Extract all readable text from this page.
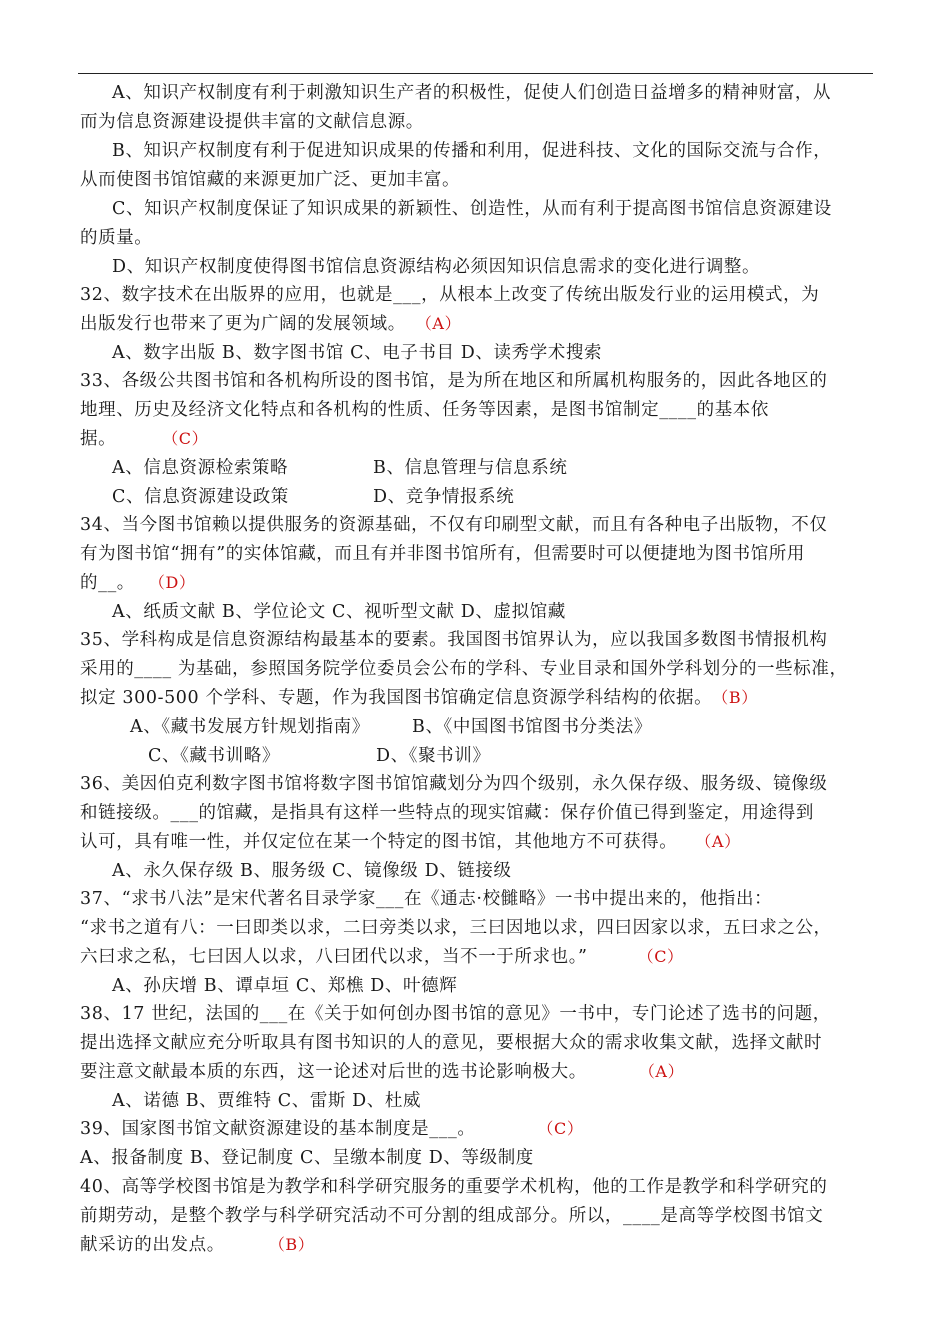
A、知识产权制度有利于刺激知识生产者的积极性，促使人们创造日益增多的精神财富，从
而为信息资源建设提供丰富的文献信息源。
B、知识产权制度有利于促进知识成果的传播和利用，促进科技、文化的国际交流与合作，
从而使图书馆馆藏的来源更加广泛、更加丰富。
C、知识产权制度保证了知识成果的新颖性、创造性，从而有利于提高图书馆信息资源建设
的质量。
D、知识产权制度使得图书馆信息资源结构必须因知识信息需求的变化进行调整。
32、数字技术在出版界的应用，也就是___，从根本上改变了传统出版发行业的运用模式，为
出版发行也带来了更为广阔的发展领域。 （A）
A、数字出版 B、数字图书馆 C、电子书目 D、读秀学术搜索
33、各级公共图书馆和各机构所设的图书馆，是为所在地区和所属机构服务的，因此各地区的
地理、历史及经济文化特点和各机构的性质、任务等因素，是图书馆制定____的基本依
据。	（C）
A、信息资源检索策略	B、信息管理与信息系统
C、信息资源建设政策	D、竞争情报系统
34、当今图书馆赖以提供服务的资源基础，不仅有印刷型文献，而且有各种电子出版物，不仅
有为图书馆“拥有”的实体馆藏，而且有并非图书馆所有，但需要时可以便捷地为图书馆所用
的__。 （D）
A、纸质文献 B、学位论文 C、视听型文献 D、虚拟馆藏
35、学科构成是信息资源结构最基本的要素。我国图书馆界认为，应以我国多数图书情报机构
采用的____ 为基础，参照国务院学位委员会公布的学科、专业目录和国外学科划分的一些标准，
拟定 300-500 个学科、专题，作为我国图书馆确定信息资源学科结构的依据。 （B）
A、《藏书发展方针规划指南》 B、《中国图书馆图书分类法》
C、《藏书训略》	D、《聚书训》
36、美因伯克利数字图书馆将数字图书馆馆藏划分为四个级别，永久保存级、服务级、镜像级
和链接级。___的馆藏，是指具有这样一些特点的现实馆藏：保存价值已得到鉴定，用途得到
认可，具有唯一性，并仅定位在某一个特定的图书馆，其他地方不可获得。 （A）
A、永久保存级 B、服务级 C、镜像级 D、链接级
37、“求书八法”是宋代著名目录学家___在《通志·校雠略》一书中提出来的，他指出：
“求书之道有八：一曰即类以求，二曰旁类以求，三曰因地以求，四曰因家以求，五曰求之公，
六曰求之私，七曰因人以求，八曰团代以求，当不一于所求也。”	（C）
A、孙庆增 B、谭卓垣 C、郑樵 D、叶德辉
38、17 世纪，法国的___在《关于如何创办图书馆的意见》一书中，专门论述了选书的问题，
提出选择文献应充分听取具有图书知识的人的意见，要根据大众的需求收集文献，选择文献时
要注意文献最本质的东西，这一论述对后世的选书论影响极大。	（A）
A、诺德 B、贾维特 C、雷斯 D、杜威
39、国家图书馆文献资源建设的基本制度是___。	（C）
A、报备制度 B、登记制度 C、呈缴本制度 D、等级制度
40、高等学校图书馆是为教学和科学研究服务的重要学术机构，他的工作是教学和科学研究的
前期劳动，是整个教学与科学研究活动不可分割的组成部分。所以，____是高等学校图书馆文
献采访的出发点。	（B）
